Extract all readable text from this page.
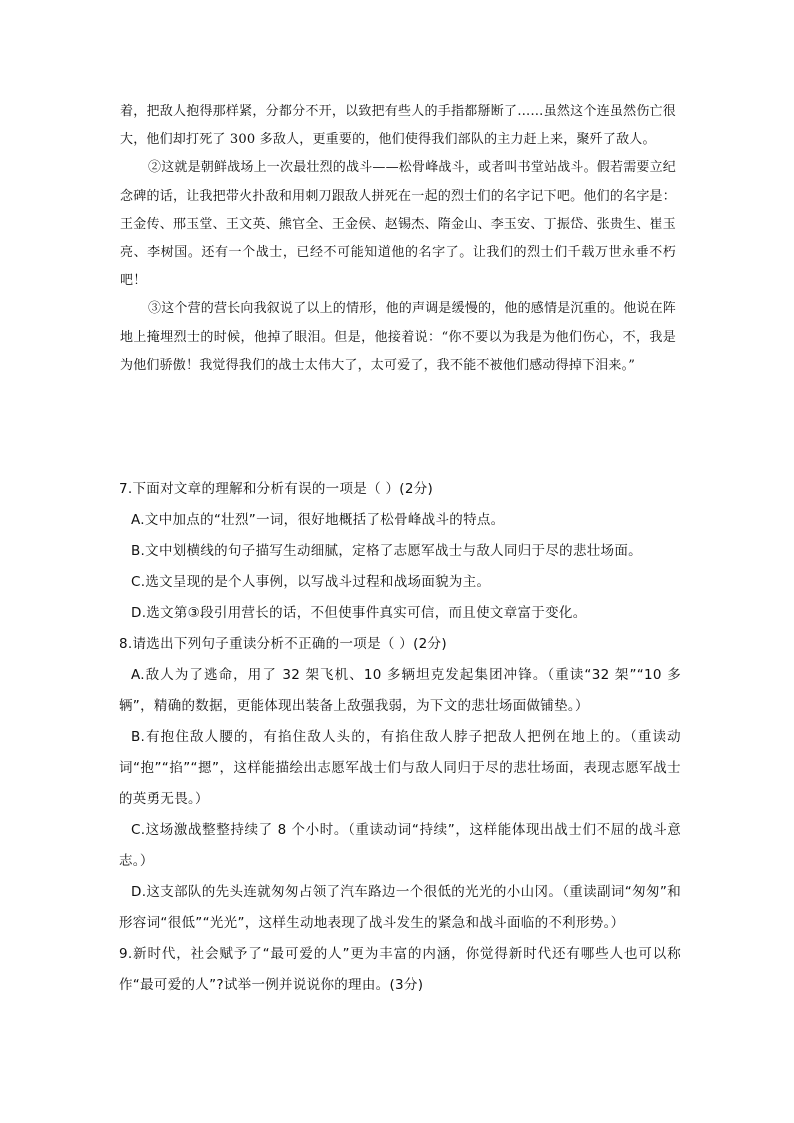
着，把敌人抱得那样紧，分都分不开，以致把有些人的手指都掰断了……虽然这个连虽然伤亡很大，他们却打死了 300 多敌人，更重要的，他们使得我们部队的主力赶上来，聚歼了敌人。

②这就是朝鲜战场上一次最壮烈的战斗——松骨峰战斗，或者叫书堂站战斗。假若需要立纪念碑的话，让我把带火扑敌和用刺刀跟敌人拼死在一起的烈士们的名字记下吧。他们的名字是：王金传、邢玉堂、王文英、熊官全、王金侯、赵锡杰、隋金山、李玉安、丁振岱、张贵生、崔玉亮、李树国。还有一个战士，已经不可能知道他的名字了。让我们的烈士们千载万世永垂不朽吧！

③这个营的营长向我叙说了以上的情形，他的声调是缓慢的，他的感情是沉重的。他说在阵地上掩埋烈士的时候，他掉了眼泪。但是，他接着说：“你不要以为我是为他们伤心，不，我是为他们骄傲！我觉得我们的战士太伟大了，太可爱了，我不能不被他们感动得掉下泪来。”

7.下面对文章的理解和分析有误的一项是（ ）(2分)

A.文中加点的“壮烈”一词，很好地概括了松骨峰战斗的特点。

B.文中划横线的句子描写生动细腻，定格了志愿军战士与敌人同归于尽的悲壮场面。

C.选文呈现的是个人事例，以写战斗过程和战场面貌为主。

D.选文第③段引用营长的话，不但使事件真实可信，而且使文章富于变化。

8.请选出下列句子重读分析不正确的一项是（ ）(2分)

A.敌人为了逃命，用了 32 架飞机、10 多辆坦克发起集团冲锋。（重读“32 架”“10 多辆”，精确的数据，更能体现出装备上敌强我弱，为下文的悲壮场面做铺垫。）

B.有抱住敌人腰的，有掐住敌人头的，有掐住敌人脖子把敌人把例在地上的。（重读动词“抱”“掐”“摁”，这样能描绘出志愿军战士们与敌人同归于尽的悲壮场面，表现志愿军战士的英勇无畏。）

C.这场激战整整持续了 8 个小时。（重读动词“持续”，这样能体现出战士们不屈的战斗意志。）

D.这支部队的先头连就匆匆占领了汽车路边一个很低的光光的小山冈。（重读副词“匆匆”和形容词“很低”“光光”，这样生动地表现了战斗发生的紧急和战斗面临的不利形势。）

9.新时代，社会赋予了“最可爱的人”更为丰富的内涵，你觉得新时代还有哪些人也可以称作“最可爱的人”?试举一例并说说你的理由。(3分)
